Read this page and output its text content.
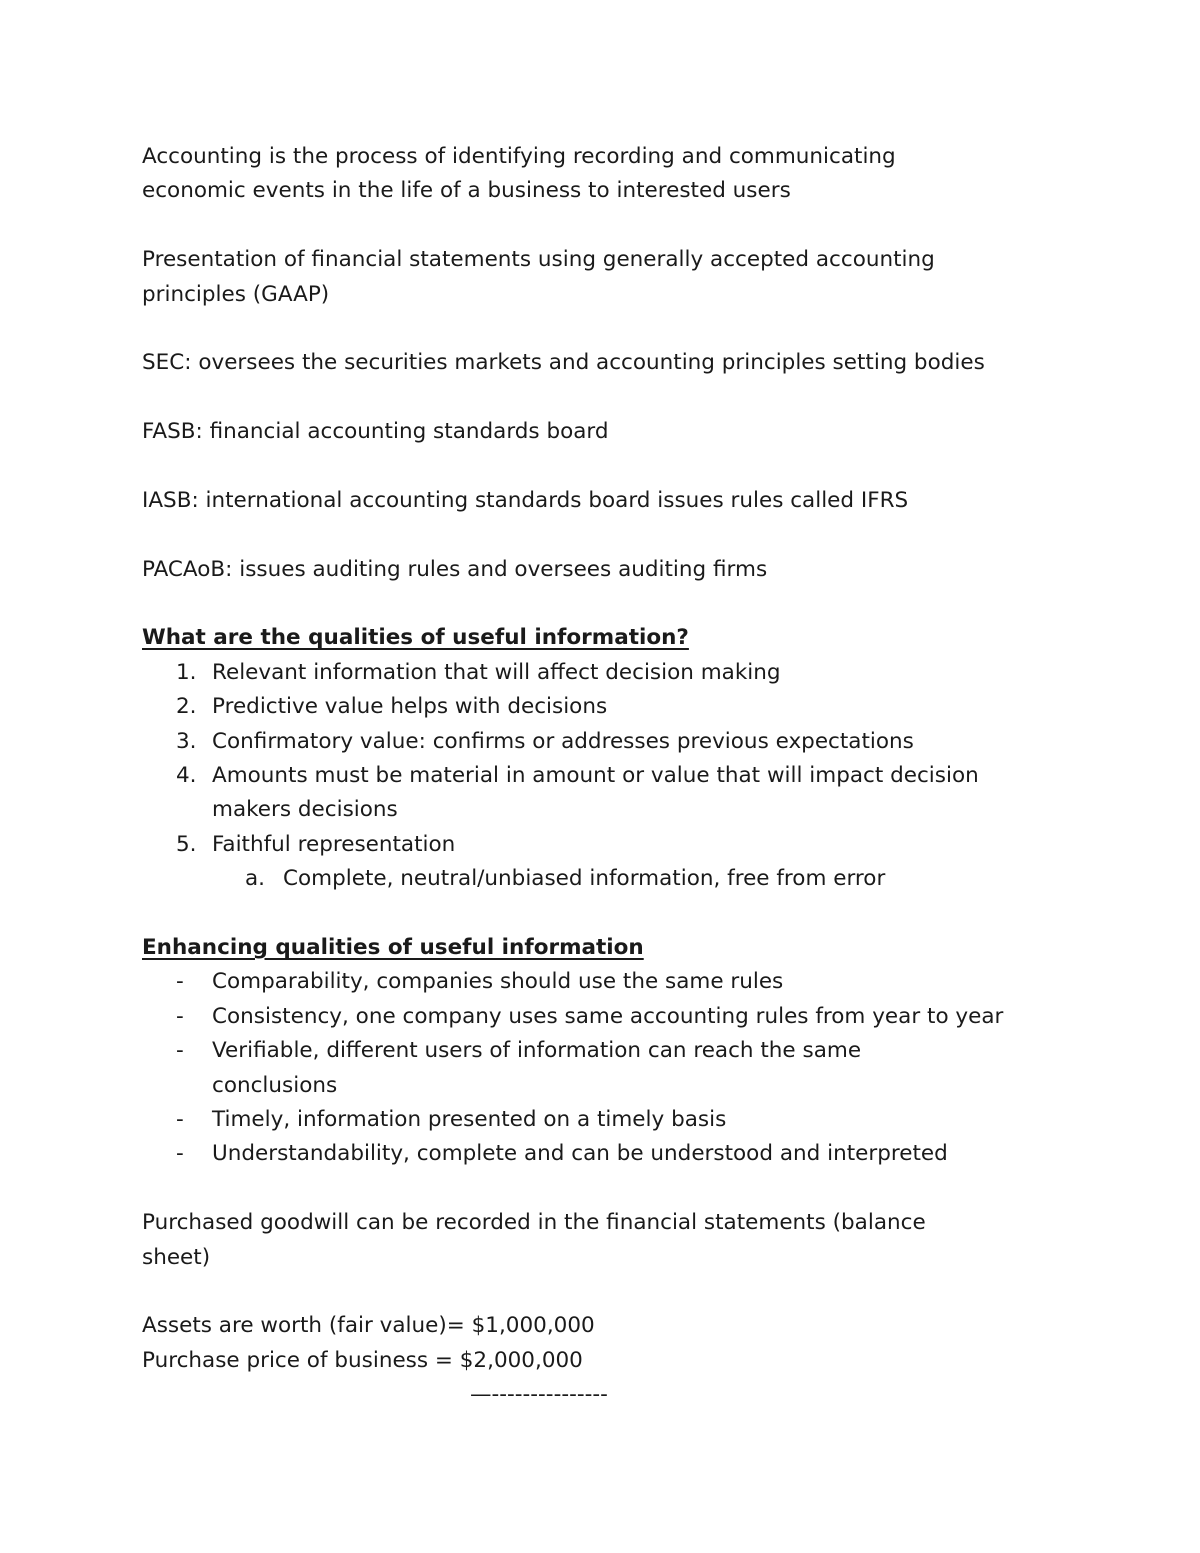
Accounting is the process of identifying recording and communicating
economic events in the life of a business to interested users
Presentation of financial statements using generally accepted accounting
principles (GAAP)
SEC: oversees the securities markets and accounting principles setting bodies
FASB: financial accounting standards board
IASB: international accounting standards board issues rules called IFRS
PACAoB: issues auditing rules and oversees auditing firms
What are the qualities of useful information?
1. Relevant information that will affect decision making
2. Predictive value helps with decisions
3. Confirmatory value: confirms or addresses previous expectations
4. Amounts must be material in amount or value that will impact decision
makers decisions
5. Faithful representation
a. Complete, neutral/unbiased information, free from error
Enhancing qualities of useful information
-	Comparability, companies should use the same rules
-	Consistency, one company uses same accounting rules from year to year
-	Verifiable, different users of information can reach the same
conclusions
-	Timely, information presented on a timely basis
-	Understandability, complete and can be understood and interpreted
Purchased goodwill can be recorded in the financial statements (balance
sheet)
Assets are worth (fair value)= $1,000,000
Purchase price of business = $2,000,000
—---------------
